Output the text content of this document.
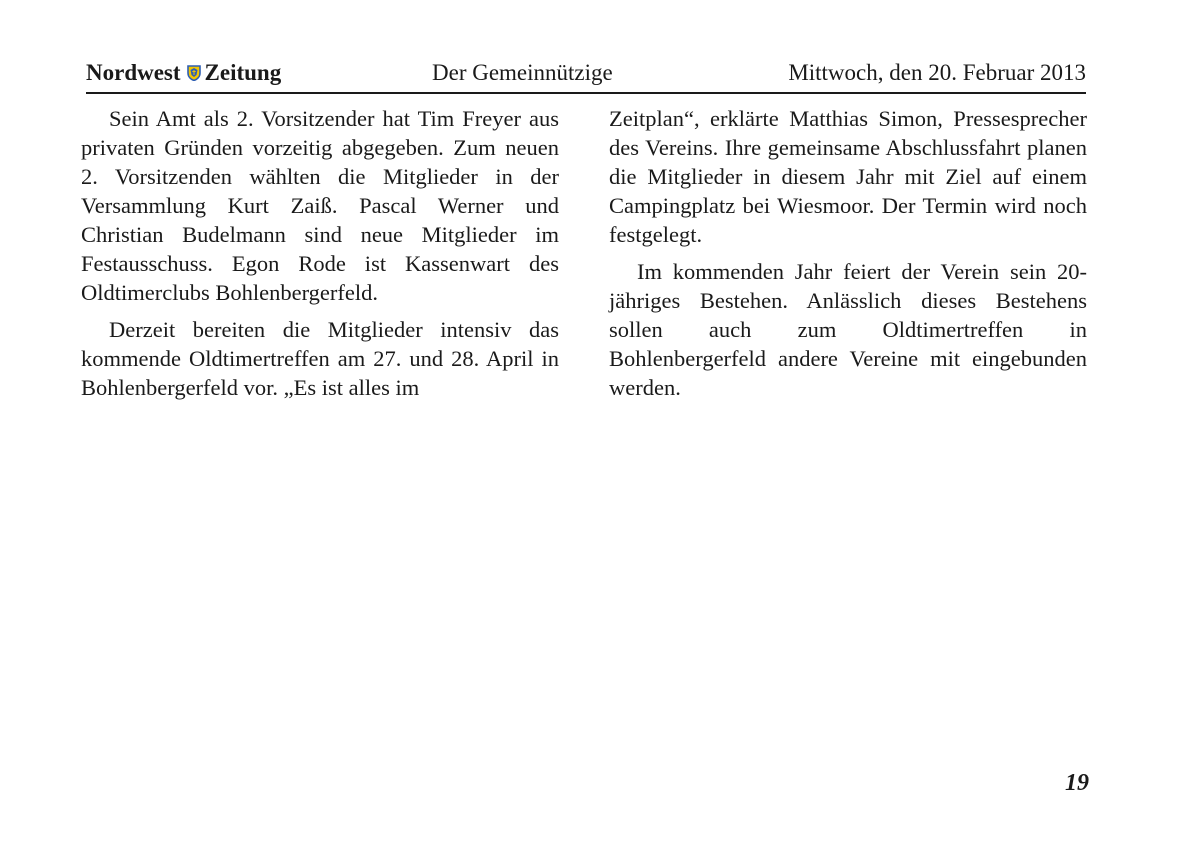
Nordwest Zeitung	Der Gemeinnützige	Mittwoch, den 20. Februar 2013

Sein Amt als 2. Vorsitzender hat Tim Freyer aus privaten Gründen vorzeitig abgegeben. Zum neuen 2. Vorsitzenden wählten die Mitglieder in der Versammlung Kurt Zaiß. Pascal Werner und Christian Budelmann sind neue Mitglieder im Festausschuss. Egon Rode ist Kassenwart des Oldtimerclubs Bohlenbergerfeld.

Derzeit bereiten die Mitglieder intensiv das kommende Oldtimertreffen am 27. und 28. April in Bohlenbergerfeld vor. „Es ist alles im

Zeitplan“, erklärte Matthias Simon, Pressesprecher des Vereins. Ihre gemeinsame Abschlussfahrt planen die Mitglieder in diesem Jahr mit Ziel auf einem Campingplatz bei Wiesmoor. Der Termin wird noch festgelegt.

Im kommenden Jahr feiert der Verein sein 20-jähriges Bestehen. Anlässlich dieses Bestehens sollen auch zum Oldtimertreffen in Bohlenbergerfeld andere Vereine mit eingebunden werden.

19
